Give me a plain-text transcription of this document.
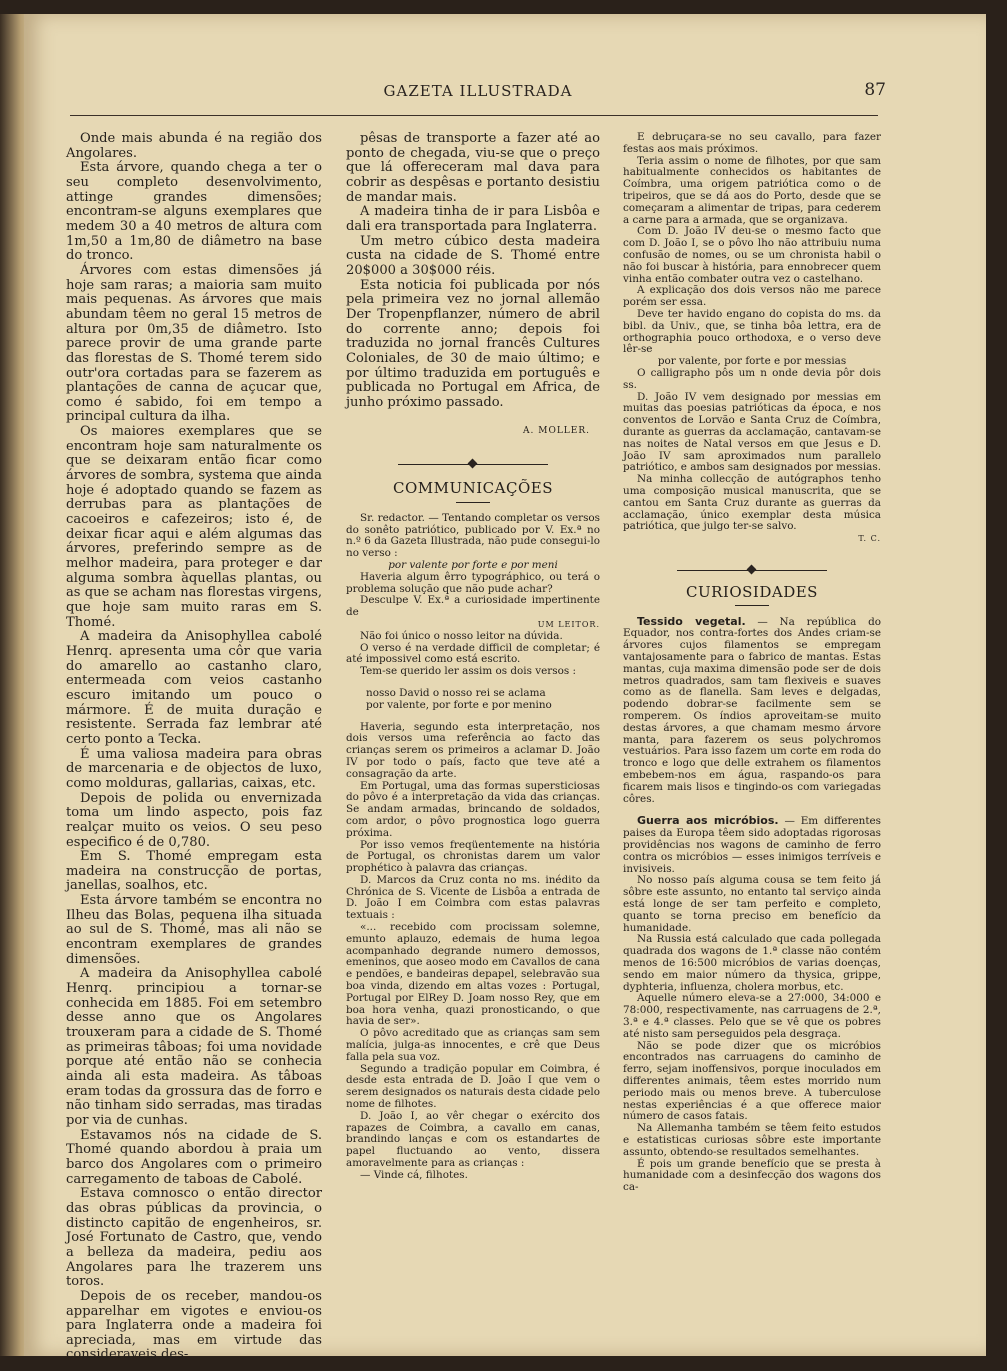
GAZETA ILLUSTRADA	87

Onde mais abunda é na região dos Angolares.

Esta árvore, quando chega a ter o seu completo desenvolvimento, attinge grandes dimensões; encontram-se alguns exemplares que medem 30 a 40 metros de altura com 1m,50 a 1m,80 de diâmetro na base do tronco.

Árvores com estas dimensões já hoje sam raras; a maioria sam muito mais pequenas. As árvores que mais abundam têem no geral 15 metros de altura por 0m,35 de diâmetro. Isto parece provir de uma grande parte das florestas de S. Thomé terem sido outr'ora cortadas para se fazerem as plantações de canna de açucar que, como é sabido, foi em tempo a principal cultura da ilha.

Os maiores exemplares que se encontram hoje sam naturalmente os que se deixaram então ficar como árvores de sombra, systema que ainda hoje é adoptado quando se fazem as derrubas para as plantações de cacoeiros e cafezeiros; isto é, de deixar ficar aqui e além algumas das árvores, preferindo sempre as de melhor madeira, para proteger e dar alguma sombra àquellas plantas, ou as que se acham nas florestas virgens, que hoje sam muito raras em S. Thomé.

A madeira da Anisophyllea cabolé Henrq. apresenta uma côr que varia do amarello ao castanho claro, entermeada com veios castanho escuro imitando um pouco o mármore. É de muita duração e resistente. Serrada faz lembrar até certo ponto a Teckа.

É uma valiosa madeira para obras de marcenaria e de objectos de luxo, como molduras, gallarias, caixas, etc.

Depois de polida ou envernizada toma um lindo aspecto, pois faz realçar muito os veios. O seu peso especifico é de 0,780.

Em S. Thomé empregam esta madeira na construcção de portas, janellas, soalhos, etc.

Esta árvore também se encontra no Ilheu das Bolas, pequena ilha situada ao sul de S. Thomé, mas ali não se encontram exemplares de grandes dimensões.

A madeira da Anisophyllea cabolé Henrq. principiou a tornar-se conhecida em 1885. Foi em setembro desse anno que os Angolares trouxeram para a cidade de S. Thomé as primeiras tâboas; foi uma novidade porque até então não se conhecia ainda ali esta madeira. As tâboas eram todas da grossura das de forro e não tinham sido serradas, mas tiradas por via de cunhas.

Estavamos nós na cidade de S. Thomé quando abordou à praia um barco dos Angolares com o primeiro carregamento de taboas de Cabolé.

Estava comnosco o então director das obras públicas da provincia, o distincto capitão de engenheiros, sr. José Fortunato de Castro, que, vendo a belleza da madeira, pediu aos Angolares para lhe trazerem uns toros.

Depois de os receber, mandou-os apparelhar em vigotes e enviou-os para Inglaterra onde a madeira foi apreciada, mas em virtude das consideraveis des-

pêsas de transporte a fazer até ao ponto de chegada, viu-se que o preço que lá offereceram mal dava para cobrir as despêsas e portanto desistiu de mandar mais.

A madeira tinha de ir para Lisbôa e dali era transportada para Inglaterra.

Um metro cúbico desta madeira custa na cidade de S. Thomé entre 20$000 a 30$000 réis.

Esta noticia foi publicada por nós pela primeira vez no jornal allemão Der Tropenpflanzer, número de abril do corrente anno; depois foi traduzida no jornal francês Cultures Coloniales, de 30 de maio último; e por último traduzida em português e publicada no Portugal em Africa, de junho próximo passado.

A. MOLLER.
COMMUNICAÇÕES

Sr. redactor. — Tentando completar os versos do sonêto patriótico, publicado por V. Ex.ª no n.º 6 da Gazeta Illustrada, não pude consegui-lo no verso :

por valente por forte e por meni

Haveria algum êrro typográphico, ou terá o problema solução que não pude achar?

Desculpe V. Ex.ª a curiosidade impertinente de

UM LEITOR.

Não foi único o nosso leitor na dúvida.

O verso é na verdade difficil de completar; é até impossivel como está escrito.

Tem-se querido ler assim os dois versos :

nosso David o nosso rei se aclama
por valente, por forte e por menino

Haveria, segundo esta interpretação, nos dois versos uma referência ao facto das crianças serem os primeiros a aclamar D. João IV por todo o país, facto que teve até a consagração da arte.

Em Portugal, uma das formas supersticiosas do pôvo é a interpretação da vida das crianças. Se andam armadas, brincando de soldados, com ardor, o pôvo prognostica logo guerra próxima.

Por isso vemos freqüentemente na história de Portugal, os chronistas darem um valor prophético à palavra das crianças.

D. Marcos da Cruz conta no ms. inédito da Chrónica de S. Vicente de Lisbôa a entrada de D. João I em Coimbra com estas palavras textuais :

«... recebido com procissam solemne, emunto aplauzo, edemais de huma legoa acompanhado degrande numero demossos, emeninos, que aoseo modo em Cavallos de cana e pendões, e bandeiras depapel, selebravão sua boa vinda, dizendo em altas vozes : Portugal, Portugal por ElRey D. Joam nosso Rey, que em boa hora venha, quazi pronosticando, o que havia de ser».

O pôvo acreditado que as crianças sam sem malícia, julga-as innocentes, e crê que Deus falla pela sua voz.

Segundo a tradição popular em Coimbra, é desde esta entrada de D. João I que vem o serem designados os naturais desta cidade pelo nome de filhotes.

D. João I, ao vêr chegar o exército dos rapazes de Coimbra, a cavallo em canas, brandindo lanças e com os estandartes de papel fluctuando ao vento, dissera amoravelmente para as crianças :

— Vinde cá, filhotes.

E debruçara-se no seu cavallo, para fazer festas aos mais próximos.

Teria assim o nome de filhotes, por que sam habitualmente conhecidos os habitantes de Coímbra, uma origem patriótica como o de tripeiros, que se dá aos do Porto, desde que se começaram a alimentar de tripas, para cederem a carne para a armada, que se organizava.

Com D. João IV deu-se o mesmo facto que com D. João I, se o pôvo lho não attribuiu numa confusão de nomes, ou se um chronista habil o não foi buscar à história, para ennobrecer quem vinha então combater outra vez o castelhano.

A explicação dos dois versos não me parece porém ser essa.

Deve ter havido engano do copista do ms. da bibl. da Univ., que, se tinha bôa lettra, era de orthographia pouco orthodoxa, e o verso deve lêr-se

por valente, por forte e por messias

O calligrapho pôs um n onde devia pôr dois ss.

D. João IV vem designado por messias em muitas das poesias patrióticas da época, e nos conventos de Lorvão e Santa Cruz de Coímbra, durante as guerras da acclamação, cantavam-se nas noites de Natal versos em que Jesus e D. João IV sam aproximados num parallelo patriótico, e ambos sam designados por messias.

Na minha collecção de autógraphos tenho uma composição musical manuscrita, que se cantou em Santa Cruz durante as guerras da acclamação, único exemplar desta música patriótica, que julgo ter-se salvo.

T. C.

CURIOSIDADES

Tessido vegetal. — Na república do Equador, nos contra-fortes dos Andes criam-se árvores cujos filamentos se empregam vantajosamente para o fabrico de mantas. Estas mantas, cuja maxima dimensão pode ser de dois metros quadrados, sam tam flexiveis e suaves como as de flanella. Sam leves e delgadas, podendo dobrar-se facilmente sem se romperem. Os índios aproveitam-se muito destas árvores, a que chamam mesmo árvore manta, para fazerem os seus polychromos vestuários. Para isso fazem um corte em roda do tronco e logo que delle extrahem os filamentos embebem-nos em água, raspando-os para ficarem mais lisos e tingindo-os com variegadas côres.

Guerra aos micróbios. — Em differentes paises da Europa têem sido adoptadas rigorosas providências nos wagons de caminho de ferro contra os micróbios — esses inimigos terríveis e invisiveis.

No nosso país alguma cousa se tem feito já sôbre este assunto, no entanto tal serviço ainda está longe de ser tam perfeito e completo, quanto se torna preciso em benefício da humanidade.

Na Russia está calculado que cada pollegada quadrada dos wagons de 1.ª classe não contém menos de 16:500 micróbios de varias doenças, sendo em maior número da thysica, grippe, dyphteria, influenza, cholera morbus, etc.

Aquelle número eleva-se a 27:000, 34:000 e 78:000, respectivamente, nas carruagens de 2.ª, 3.ª e 4.ª classes. Pelo que se vê que os pobres até nisto sam perseguidos pela desgraça.

Não se pode dizer que os micróbios encontrados nas carruagens do caminho de ferro, sejam inoffensivos, porque inoculados em differentes animais, têem estes morrido num periodo mais ou menos breve. A tuberculose nestas experiências é a que offerece maior número de casos fatais.

Na Allemanha também se têem feito estudos e estatisticas curiosas sôbre este importante assunto, obtendo-se resultados semelhantes.

É pois um grande benefício que se presta à humanidade com a desinfecção dos wagons dos ca-
